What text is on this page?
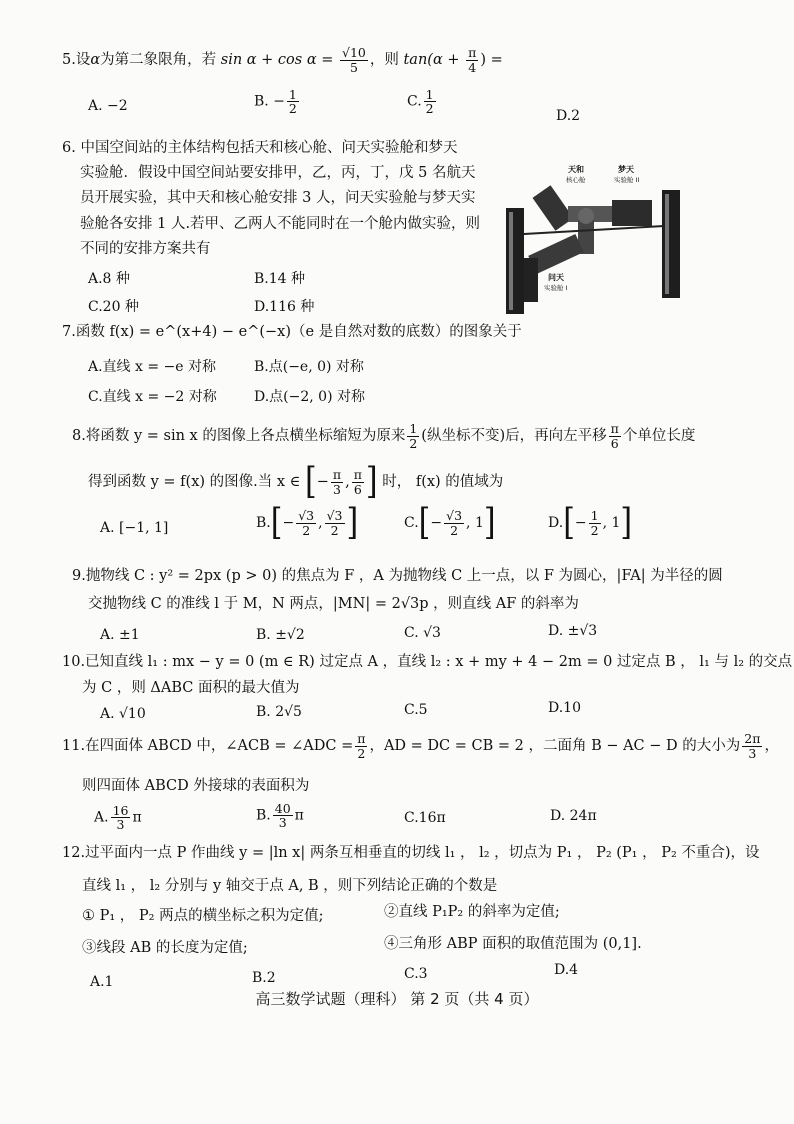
5.设α为第二象限角，若 $\sin \alpha + \cos \alpha = \frac{√10}{5}$ ，则 $\tan(\alpha + \frac{\pi}{4}$ ) =
A. −2	B. − $\frac{1}{2}$	C. $\frac{1}{2}$
D.2
6. 中国空间站的主体结构包括天和核心舱、问天实验舱和梦天
实验舱．假设中国空间站要安排甲，乙，丙，丁，戊 5 名航天
员开展实验，其中天和核心舱安排 3 人，问天实验舱与梦天实
验舱各安排 1 人.若甲、乙两人不能同时在一个舱内做实验，则
不同的安排方案共有
A.8 种	B.14 种
C.20 种	D.116 种
天和
核心舱
梦天
实验舱 II
问天
实验舱 I
7.函数 f(x) = e^(x+4) − e^(−x)（e 是自然对数的底数）的图象关于
A.直线 x = −e 对称	B.点(−e, 0) 对称
C.直线 x = −2 对称	D.点(−2, 0) 对称
8.将函数 y = sin x 的图像上各点横坐标缩短为原来 $\frac{1}{2}$ (纵坐标不变)后，再向左平移 $\frac{\pi}{6}$ 个单位长度
得到函数 y = f(x) 的图像.当 x ∈ [− $\frac{\pi}{3}$ , $\frac{\pi}{6}$ ] 时， f(x) 的值域为
A. [−1, 1]	$B.[- \frac{√3}{2}$ , $\frac{√3}{2}$ ]	$C.[- \frac{√3}{2}$ , 1]	$D.[- \frac{1}{2}$ , 1]
9.抛物线 C : y² = 2px (p > 0) 的焦点为 F ，A 为抛物线 C 上一点，以 F 为圆心，|FA| 为半径的圆
交抛物线 C 的准线 l 于 M，N 两点，|MN| = 2√3p ，则直线 AF 的斜率为
A. ±1	B. ±√2	C. √3	D. ±√3
10.已知直线 l₁ : mx − y = 0 (m ∈ R) 过定点 A ，直线 l₂ : x + my + 4 − 2m = 0 过定点 B ， l₁ 与 l₂ 的交点
为 C ，则 ΔABC 面积的最大值为
A. √10	B. 2√5	C.5	D.10
11.在四面体 ABCD 中，∠ACB = ∠ADC = $\frac{\pi}{2}$ ，AD = DC = CB = 2 ，二面角 B − AC − D 的大小为 $\frac{2\pi}{3}$ ，
则四面体 ABCD 外接球的表面积为
A. $\frac{16}{3}$ π	B. $\frac{40}{3}$ π	C.16π	D. 24π
12.过平面内一点 P 作曲线 y = |ln x| 两条互相垂直的切线 l₁ ， l₂ ，切点为 P₁ ， P₂ (P₁ ， P₂ 不重合)，设
直线 l₁ ， l₂ 分别与 y 轴交于点 A, B ，则下列结论正确的个数是
① P₁ ， P₂ 两点的横坐标之积为定值;	②直线 P₁P₂ 的斜率为定值;
③线段 AB 的长度为定值;	④三角形 ABP 面积的取值范围为 (0,1].
A.1	B.2	C.3	D.4
高三数学试题（理科） 第 2 页（共 4 页）
